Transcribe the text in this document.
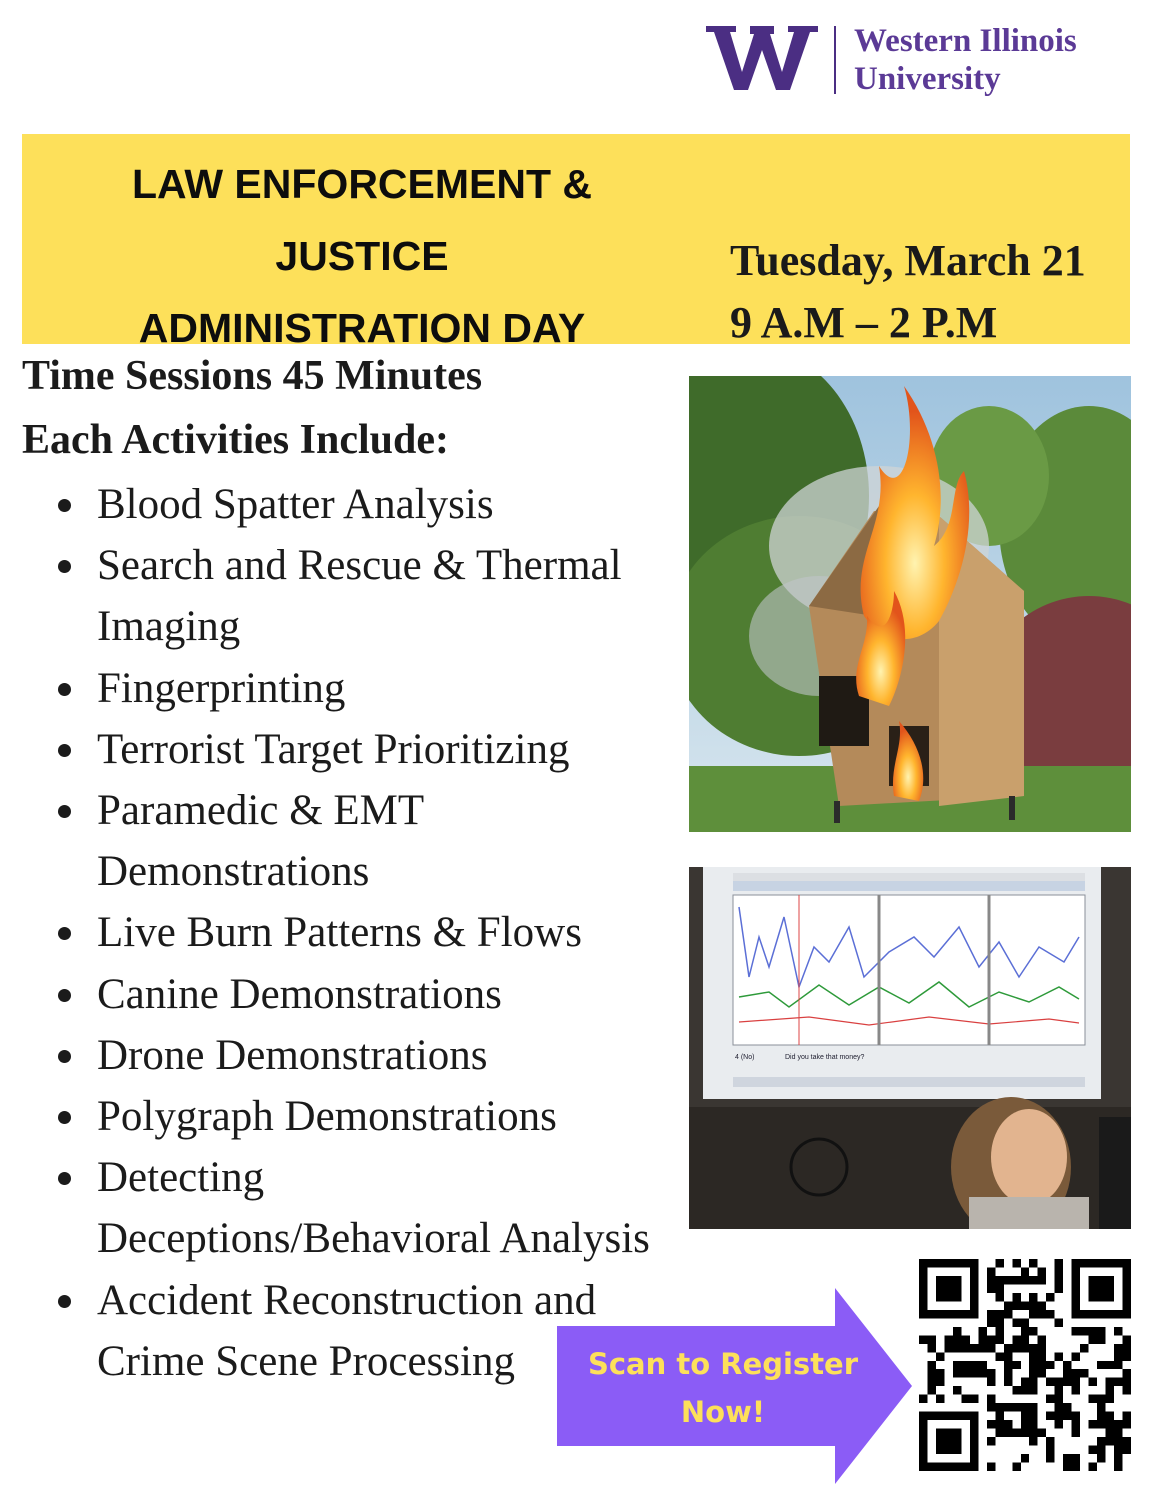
Western Illinois
University
LAW ENFORCEMENT &
JUSTICE
ADMINISTRATION DAY
Tuesday, March 21
9 A.M – 2 P.M
Time Sessions 45 Minutes
Each Activities Include:
Blood Spatter Analysis
Search and Rescue & Thermal
Imaging
Fingerprinting
Terrorist Target Prioritizing
Paramedic & EMT
Demonstrations
Live Burn Patterns & Flows
Canine Demonstrations
Drone Demonstrations
Polygraph Demonstrations
Detecting
Deceptions/Behavioral Analysis
Accident Reconstruction and
Crime Scene Processing
4 (No)	Did you take that money?
Scan to Register
Now!
